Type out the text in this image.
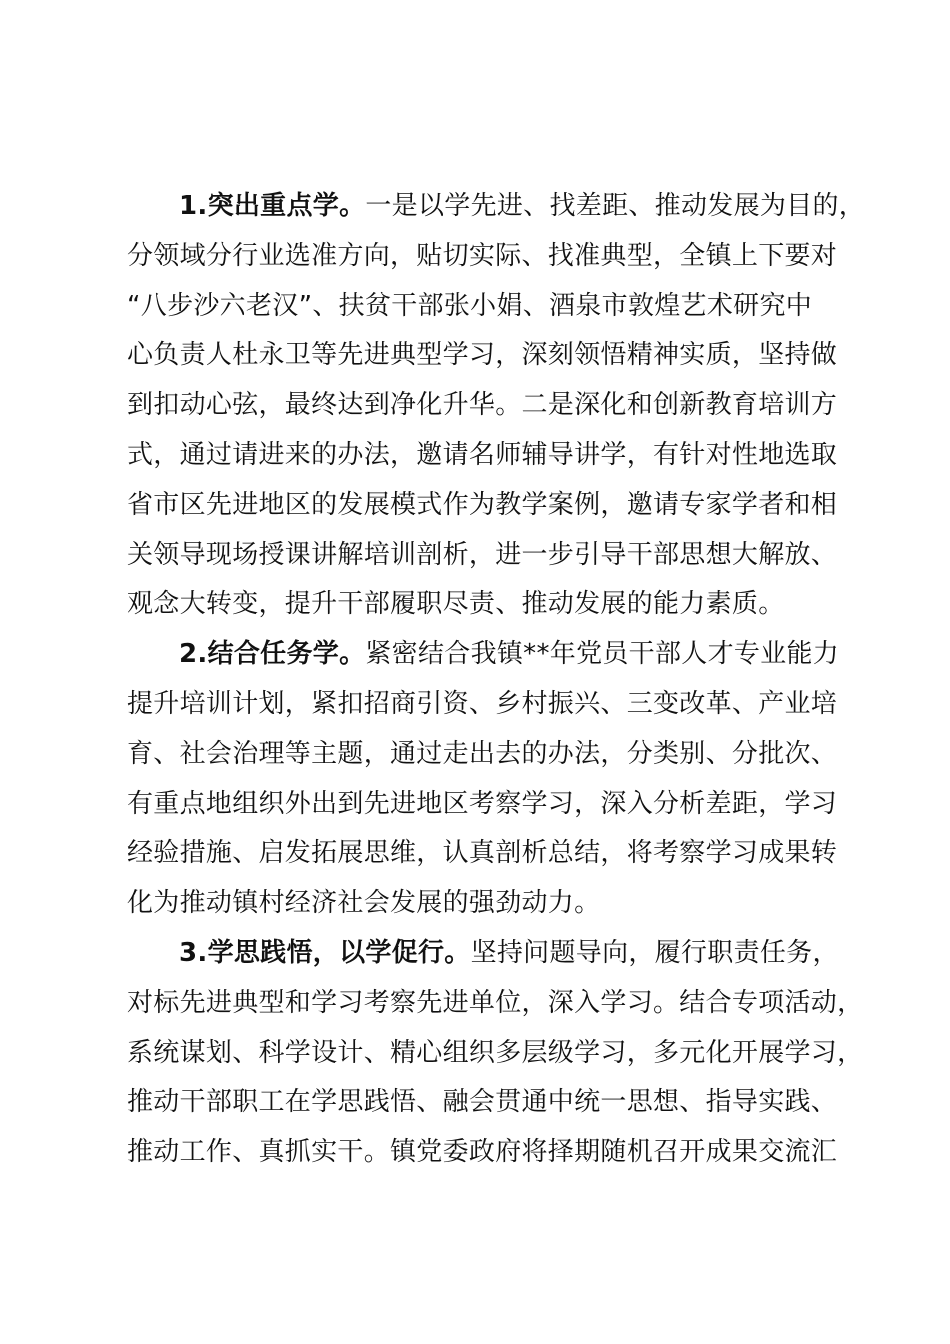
1.突出重点学。一是以学先进、找差距、推动发展为目的，
分领域分行业选准方向，贴切实际、找准典型，全镇上下要对
“八步沙六老汉”、扶贫干部张小娟、酒泉市敦煌艺术研究中
心负责人杜永卫等先进典型学习，深刻领悟精神实质，坚持做
到扣动心弦，最终达到净化升华。二是深化和创新教育培训方
式，通过请进来的办法，邀请名师辅导讲学，有针对性地选取
省市区先进地区的发展模式作为教学案例，邀请专家学者和相
关领导现场授课讲解培训剖析，进一步引导干部思想大解放、
观念大转变，提升干部履职尽责、推动发展的能力素质。
2.结合任务学。紧密结合我镇**年党员干部人才专业能力
提升培训计划，紧扣招商引资、乡村振兴、三变改革、产业培
育、社会治理等主题，通过走出去的办法，分类别、分批次、
有重点地组织外出到先进地区考察学习，深入分析差距，学习
经验措施、启发拓展思维，认真剖析总结，将考察学习成果转
化为推动镇村经济社会发展的强劲动力。
3.学思践悟，以学促行。坚持问题导向，履行职责任务，
对标先进典型和学习考察先进单位，深入学习。结合专项活动，
系统谋划、科学设计、精心组织多层级学习，多元化开展学习，
推动干部职工在学思践悟、融会贯通中统一思想、指导实践、
推动工作、真抓实干。镇党委政府将择期随机召开成果交流汇
